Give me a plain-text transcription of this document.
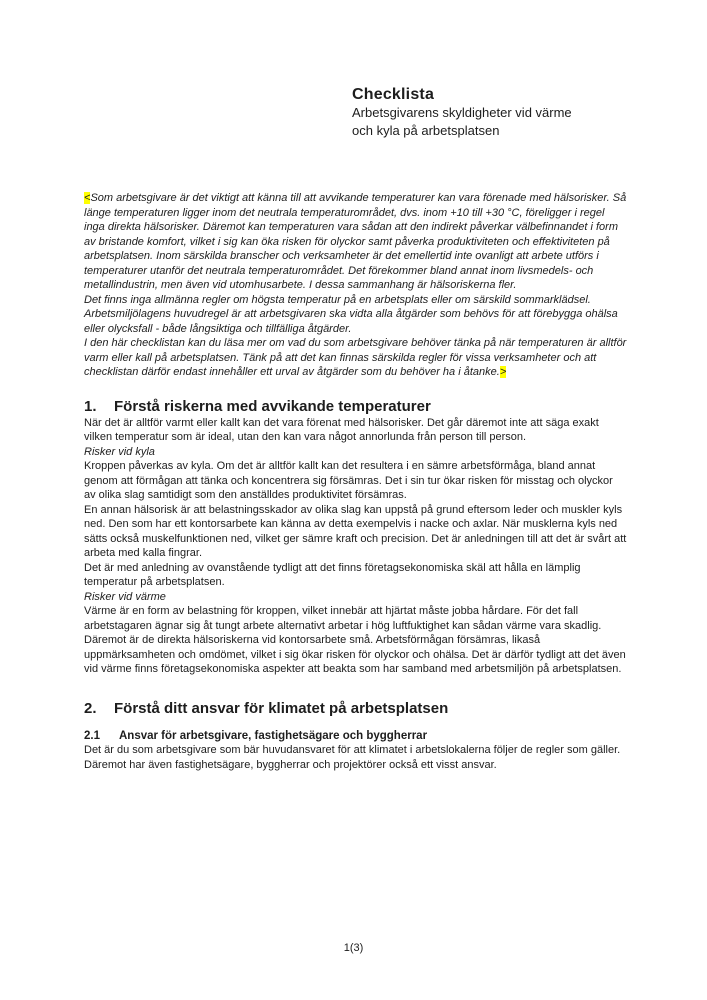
Checklista
Arbetsgivarens skyldigheter vid värme
och kyla på arbetsplatsen

<Som arbetsgivare är det viktigt att känna till att avvikande temperaturer kan vara förenade med hälsorisker. Så länge temperaturen ligger inom det neutrala temperaturområdet, dvs. inom +10 till +30 °C, föreligger i regel inga direkta hälsorisker. Däremot kan temperaturen vara sådan att den indirekt påverkar välbefinnandet i form av bristande komfort, vilket i sig kan öka risken för olyckor samt påverka produktiviteten och effektiviteten på arbetsplatsen. Inom särskilda branscher och verksamheter är det emellertid inte ovanligt att arbete utförs i temperaturer utanför det neutrala temperaturområdet. Det förekommer bland annat inom livsmedels- och metallindustrin, men även vid utomhusarbete. I dessa sammanhang är hälsoriskerna fler.

Det finns inga allmänna regler om högsta temperatur på en arbetsplats eller om särskild sommarklädsel. Arbetsmiljölagens huvudregel är att arbetsgivaren ska vidta alla åtgärder som behövs för att förebygga ohälsa eller olycksfall - både långsiktiga och tillfälliga åtgärder.

I den här checklistan kan du läsa mer om vad du som arbetsgivare behöver tänka på när temperaturen är alltför varm eller kall på arbetsplatsen. Tänk på att det kan finnas särskilda regler för vissa verksamheter och att checklistan därför endast innehåller ett urval av åtgärder som du behöver ha i åtanke.>

1.	Förstå riskerna med avvikande temperaturer

När det är alltför varmt eller kallt kan det vara förenat med hälsorisker. Det går däremot inte att säga exakt vilken temperatur som är ideal, utan den kan vara något annorlunda från person till person.

Risker vid kyla

Kroppen påverkas av kyla. Om det är alltför kallt kan det resultera i en sämre arbetsförmåga, bland annat genom att förmågan att tänka och koncentrera sig försämras. Det i sin tur ökar risken för misstag och olyckor av olika slag samtidigt som den anställdes produktivitet försämras.

En annan hälsorisk är att belastningsskador av olika slag kan uppstå på grund eftersom leder och muskler kyls ned. Den som har ett kontorsarbete kan känna av detta exempelvis i nacke och axlar. När musklerna kyls ned sätts också muskelfunktionen ned, vilket ger sämre kraft och precision. Det är anledningen till att det är svårt att arbeta med kalla fingrar.

Det är med anledning av ovanstående tydligt att det finns företagsekonomiska skäl att hålla en lämplig temperatur på arbetsplatsen.

Risker vid värme

Värme är en form av belastning för kroppen, vilket innebär att hjärtat måste jobba hårdare. För det fall arbetstagaren ägnar sig åt tungt arbete alternativt arbetar i hög luftfuktighet kan sådan värme vara skadlig. Däremot är de direkta hälsoriskerna vid kontorsarbete små. Arbetsförmågan försämras, likaså uppmärksamheten och omdömet, vilket i sig ökar risken för olyckor och ohälsa. Det är därför tydligt att det även vid värme finns företagsekonomiska aspekter att beakta som har samband med arbetsmiljön på arbetsplatsen.

2.	Förstå ditt ansvar för klimatet på arbetsplatsen
2.1	Ansvar för arbetsgivare, fastighetsägare och byggherrar

Det är du som arbetsgivare som bär huvudansvaret för att klimatet i arbetslokalerna följer de regler som gäller. Däremot har även fastighetsägare, byggherrar och projektörer också ett visst ansvar.

1(3)
